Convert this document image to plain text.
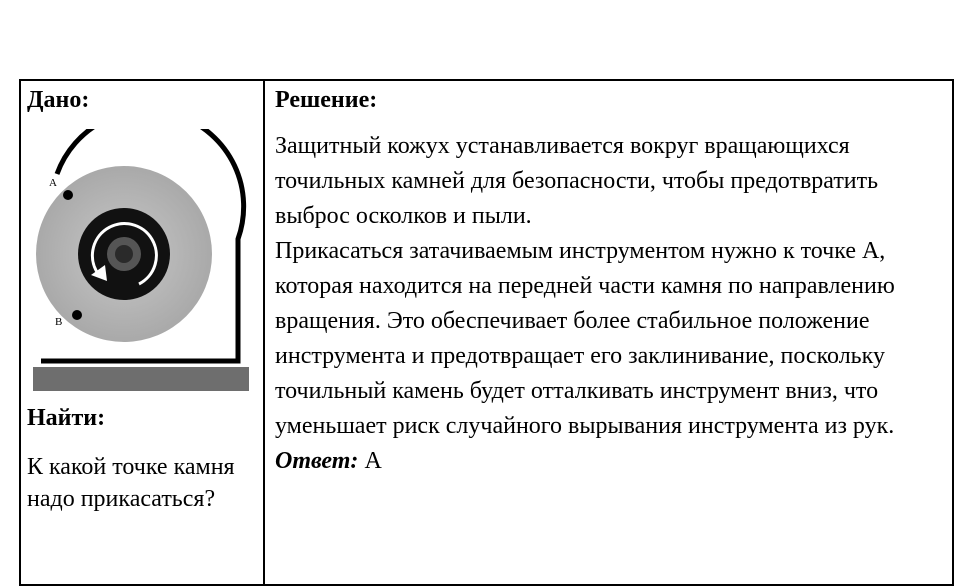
Дано:
A
B
Найти:
К какой точке камня надо прикасаться?
Решение:

Защитный кожух устанавливается вокруг вращающихся точильных камней для безопасности, чтобы предотвратить выброс осколков и пыли.

Прикасаться затачиваемым инструментом нужно к точке А, которая находится на передней части камня по направлению вращения. Это обеспечивает более стабильное положение инструмента и предотвращает его заклинивание, поскольку точильный камень будет отталкивать инструмент вниз, что уменьшает риск случайного вырывания инструмента из рук.

Ответ: А
